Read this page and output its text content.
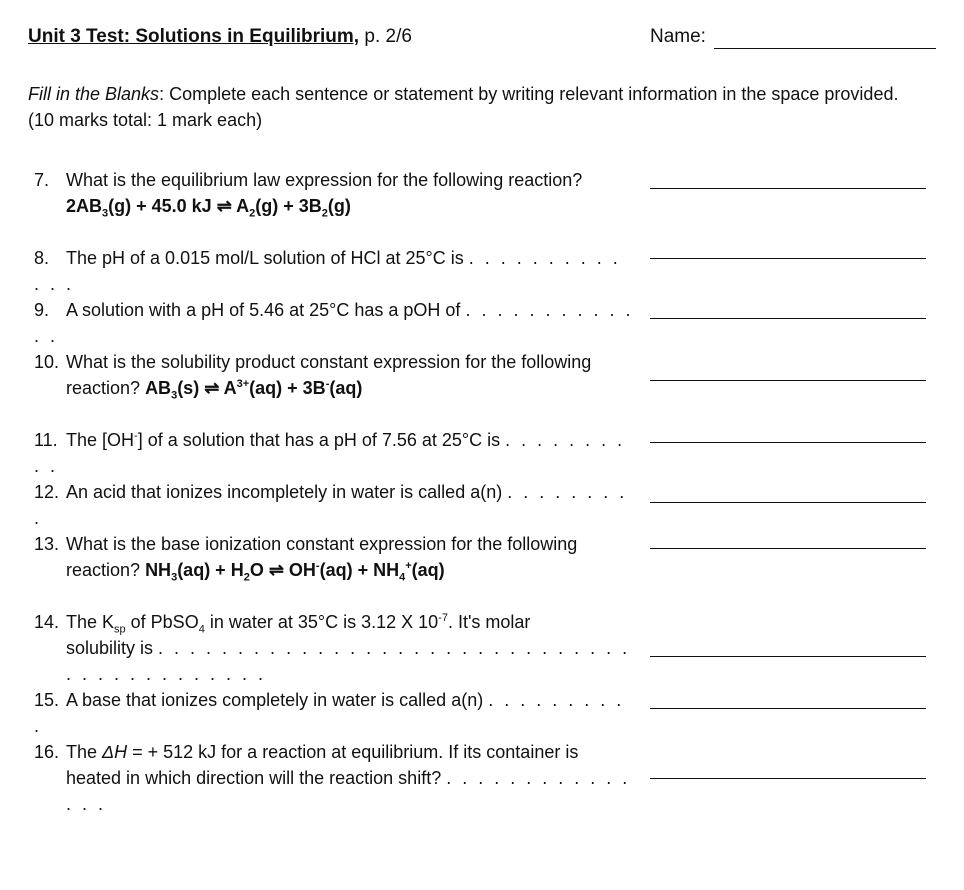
Unit 3 Test: Solutions in Equilibrium, p. 2/6	Name:
Fill in the Blanks: Complete each sentence or statement by writing relevant information in the space provided. (10 marks total: 1 mark each)
7. What is the equilibrium law expression for the following reaction?
$2AB_3(g) + 45.0$ kJ ⇌ $A_2(g) + 3B_2(g)$
8. The pH of a 0.015 mol/L solution of HCl at 25°C is . . . . . . . . . . . . .
9. A solution with a pH of 5.46 at 25°C has a pOH of . . . . . . . . . . . . .
10. What is the solubility product constant expression for the following
reaction? $AB_3(s)$ ⇌ $A^{3+}(aq) + 3B^-(aq)$
11. The [OH-] of a solution that has a pH of 7.56 at 25°C is . . . . . . . . . .
12. An acid that ionizes incompletely in water is called a(n) . . . . . . . . .
13. What is the base ionization constant expression for the following
reaction? $NH_3(aq) + H_2O$ ⇌ $OH^-(aq) + NH_4^+(aq)$
14. The $K_{sp}$ of PbSO$_4$ in water at 35°C is 3.12 X $10^{-7}$. It's molar
solubility is . . . . . . . . . . . . . . . . . . . . . . . . . . . . . . . . . . . . . . . . . . .
15. A base that ionizes completely in water is called a(n) . . . . . . . . . .
16. The ΔH = + 512 kJ for a reaction at equilibrium. If its container is
heated in which direction will the reaction shift? . . . . . . . . . . . . . . .
